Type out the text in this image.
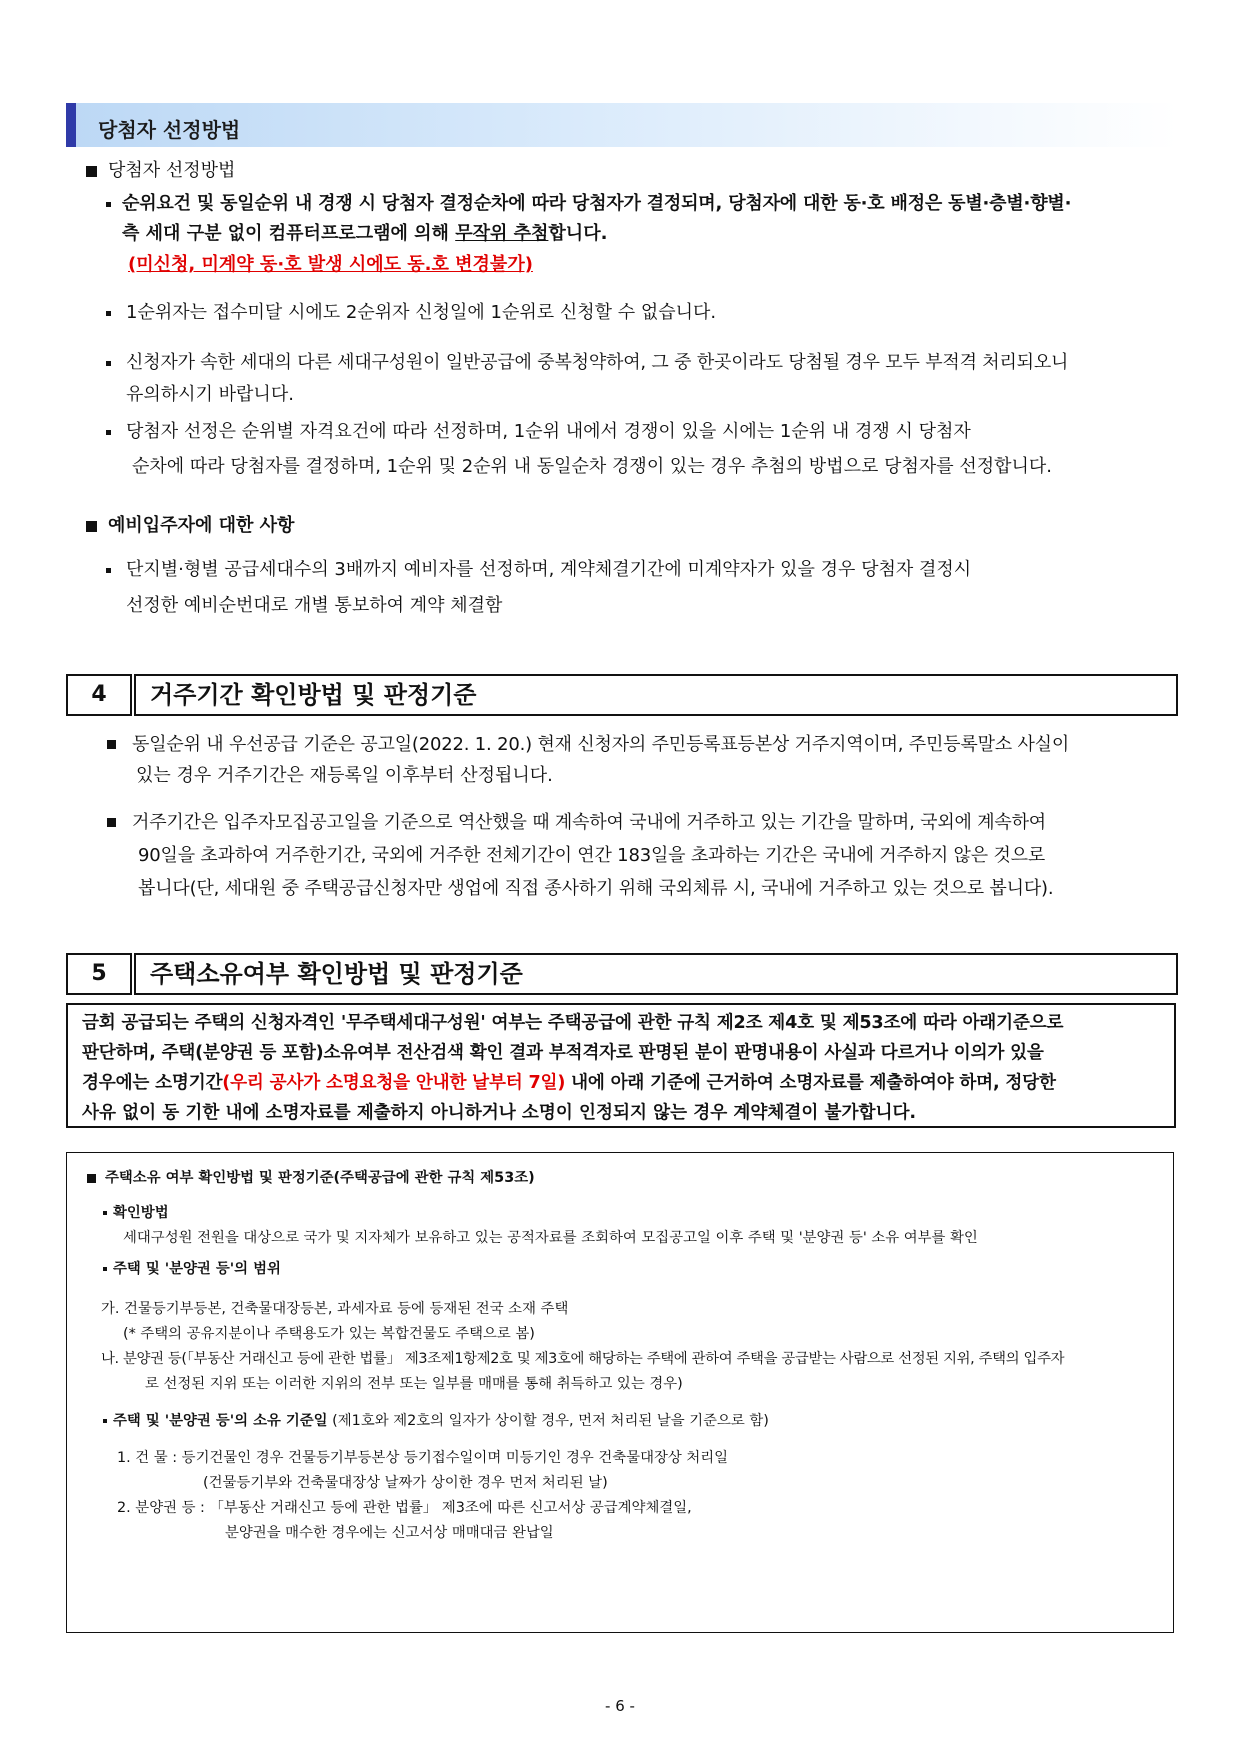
당첨자 선정방법
당첨자 선정방법
순위요건 및 동일순위 내 경쟁 시 당첨자 결정순차에 따라 당첨자가 결정되며, 당첨자에 대한 동·호 배정은 동별·층별·향별·
측 세대 구분 없이 컴퓨터프로그램에 의해 무작위 추첨합니다.
(미신청, 미계약 동·호 발생 시에도 동.호 변경불가)
1순위자는 접수미달 시에도 2순위자 신청일에 1순위로 신청할 수 없습니다.
신청자가 속한 세대의 다른 세대구성원이 일반공급에 중복청약하여, 그 중 한곳이라도 당첨될 경우 모두 부적격 처리되오니
유의하시기 바랍니다.
당첨자 선정은 순위별 자격요건에 따라 선정하며, 1순위 내에서 경쟁이 있을 시에는 1순위 내 경쟁 시 당첨자
순차에 따라 당첨자를 결정하며, 1순위 및 2순위 내 동일순차 경쟁이 있는 경우 추첨의 방법으로 당첨자를 선정합니다.
예비입주자에 대한 사항
단지별·형별 공급세대수의 3배까지 예비자를 선정하며, 계약체결기간에 미계약자가 있을 경우 당첨자 결정시
선정한 예비순번대로 개별 통보하여 계약 체결함
4	거주기간 확인방법 및 판정기준
동일순위 내 우선공급 기준은 공고일(2022. 1. 20.) 현재 신청자의 주민등록표등본상 거주지역이며, 주민등록말소 사실이
있는 경우 거주기간은 재등록일 이후부터 산정됩니다.
거주기간은 입주자모집공고일을 기준으로 역산했을 때 계속하여 국내에 거주하고 있는 기간을 말하며, 국외에 계속하여
90일을 초과하여 거주한기간, 국외에 거주한 전체기간이 연간 183일을 초과하는 기간은 국내에 거주하지 않은 것으로
봅니다(단, 세대원 중 주택공급신청자만 생업에 직접 종사하기 위해 국외체류 시, 국내에 거주하고 있는 것으로 봅니다).
5	주택소유여부 확인방법 및 판정기준
금회 공급되는 주택의 신청자격인 '무주택세대구성원' 여부는 주택공급에 관한 규칙 제2조 제4호 및 제53조에 따라 아래기준으로
판단하며, 주택(분양권 등 포함)소유여부 전산검색 확인 결과 부적격자로 판명된 분이 판명내용이 사실과 다르거나 이의가 있을
경우에는 소명기간(우리 공사가 소명요청을 안내한 날부터 7일) 내에 아래 기준에 근거하여 소명자료를 제출하여야 하며, 정당한
사유 없이 동 기한 내에 소명자료를 제출하지 아니하거나 소명이 인정되지 않는 경우 계약체결이 불가합니다.
주택소유 여부 확인방법 및 판정기준(주택공급에 관한 규칙 제53조)
확인방법
세대구성원 전원을 대상으로 국가 및 지자체가 보유하고 있는 공적자료를 조회하여 모집공고일 이후 주택 및 '분양권 등' 소유 여부를 확인
주택 및 '분양권 등'의 범위
가. 건물등기부등본, 건축물대장등본, 과세자료 등에 등재된 전국 소재 주택
(* 주택의 공유지분이나 주택용도가 있는 복합건물도 주택으로 봄)
나. 분양권 등(「부동산 거래신고 등에 관한 법률」 제3조제1항제2호 및 제3호에 해당하는 주택에 관하여 주택을 공급받는 사람으로 선정된 지위, 주택의 입주자
로 선정된 지위 또는 이러한 지위의 전부 또는 일부를 매매를 통해 취득하고 있는 경우)
주택 및 '분양권 등'의 소유 기준일 (제1호와 제2호의 일자가 상이할 경우, 먼저 처리된 날을 기준으로 함)
1. 건 물 : 등기건물인 경우 건물등기부등본상 등기접수일이며 미등기인 경우 건축물대장상 처리일
(건물등기부와 건축물대장상 날짜가 상이한 경우 먼저 처리된 날)
2. 분양권 등 : 「부동산 거래신고 등에 관한 법률」 제3조에 따른 신고서상 공급계약체결일,
분양권을 매수한 경우에는 신고서상 매매대금 완납일
- 6 -
